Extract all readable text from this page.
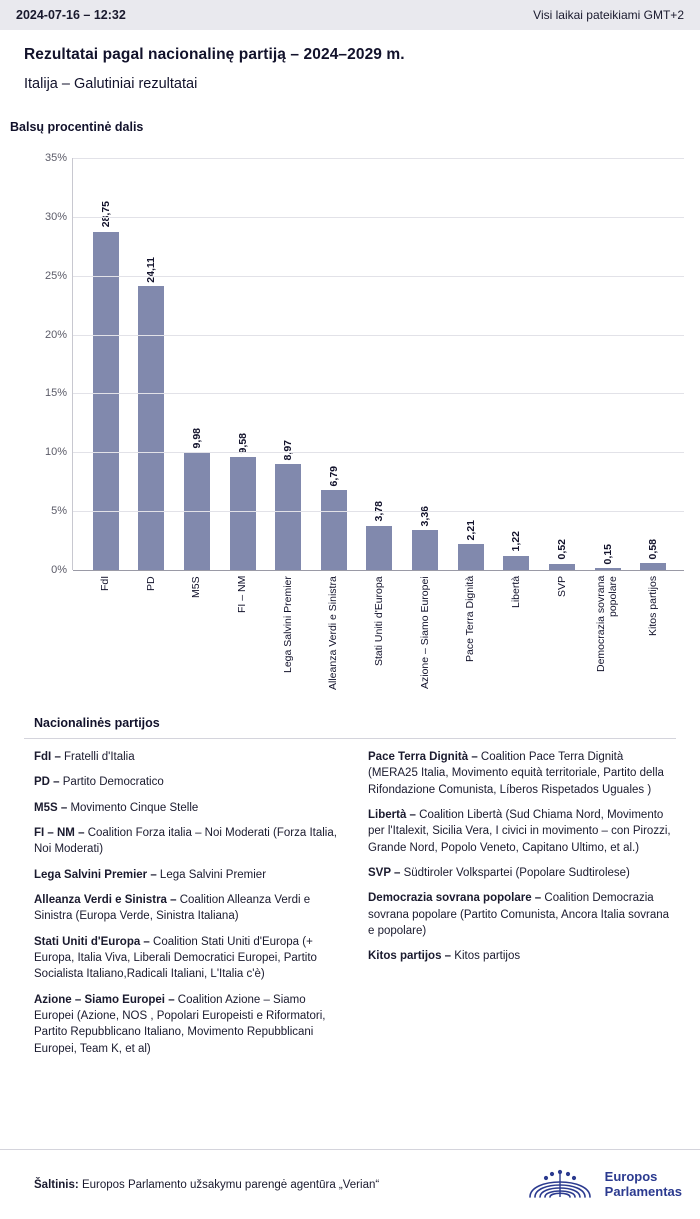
2024-07-16 – 12:32	Visi laikai pateikiami GMT+2
Rezultatai pagal nacionalinę partiją – 2024–2029 m.
Italija – Galutiniai rezultatai
Balsų procentinė dalis
28,75
24,11
9,98	9,58	8,97
6,79
3,78	3,36
2,21
1,22	0,52	0,15	0,58
0%
5%
10%
15%
20%
25%
30%
35%
FdI	PD	M5S	FI – NM	Lega Salvini Premier	Alleanza Verdi e Sinistra	Stati Uniti d'Europa	Azione – Siamo Europei	Pace Terra Dignità	Libertà	SVP	Democrazia sovrana popolare	Kitos partijos
Nacionalinės partijos
FdI – Fratelli d'Italia
PD – Partito Democratico
M5S – Movimento Cinque Stelle
FI – NM – Coalition Forza italia – Noi Moderati (Forza Italia, Noi Moderati)
Lega Salvini Premier – Lega Salvini Premier
Alleanza Verdi e Sinistra – Coalition Alleanza Verdi e Sinistra (Europa Verde, Sinistra Italiana)
Stati Uniti d'Europa – Coalition Stati Uniti d'Europa (+ Europa, Italia Viva, Liberali Democratici Europei, Partito Socialista Italiano,Radicali Italiani, L'Italia c'è)
Azione – Siamo Europei – Coalition Azione – Siamo Europei (Azione, NOS , Popolari Europeisti e Riformatori, Partito Repubblicano Italiano, Movimento Repubblicani Europei, Team K, et al)
Pace Terra Dignità – Coalition Pace Terra Dignità (MERA25 Italia, Movimento equità territoriale, Partito della Rifondazione Comunista, Líberos Rispetados Uguales )
Libertà – Coalition Libertà (Sud Chiama Nord, Movimento per l'Italexit, Sicilia Vera, I civici in movimento – con Pirozzi, Grande Nord, Popolo Veneto, Capitano Ultimo, et al.)
SVP – Südtiroler Volkspartei (Popolare Sudtirolese)
Democrazia sovrana popolare – Coalition Democrazia sovrana popolare (Partito Comunista, Ancora Italia sovrana e popolare)
Kitos partijos – Kitos partijos
Šaltinis: Europos Parlamento užsakymu parengė agentūra „Verian“
Europos
Parlamentas
